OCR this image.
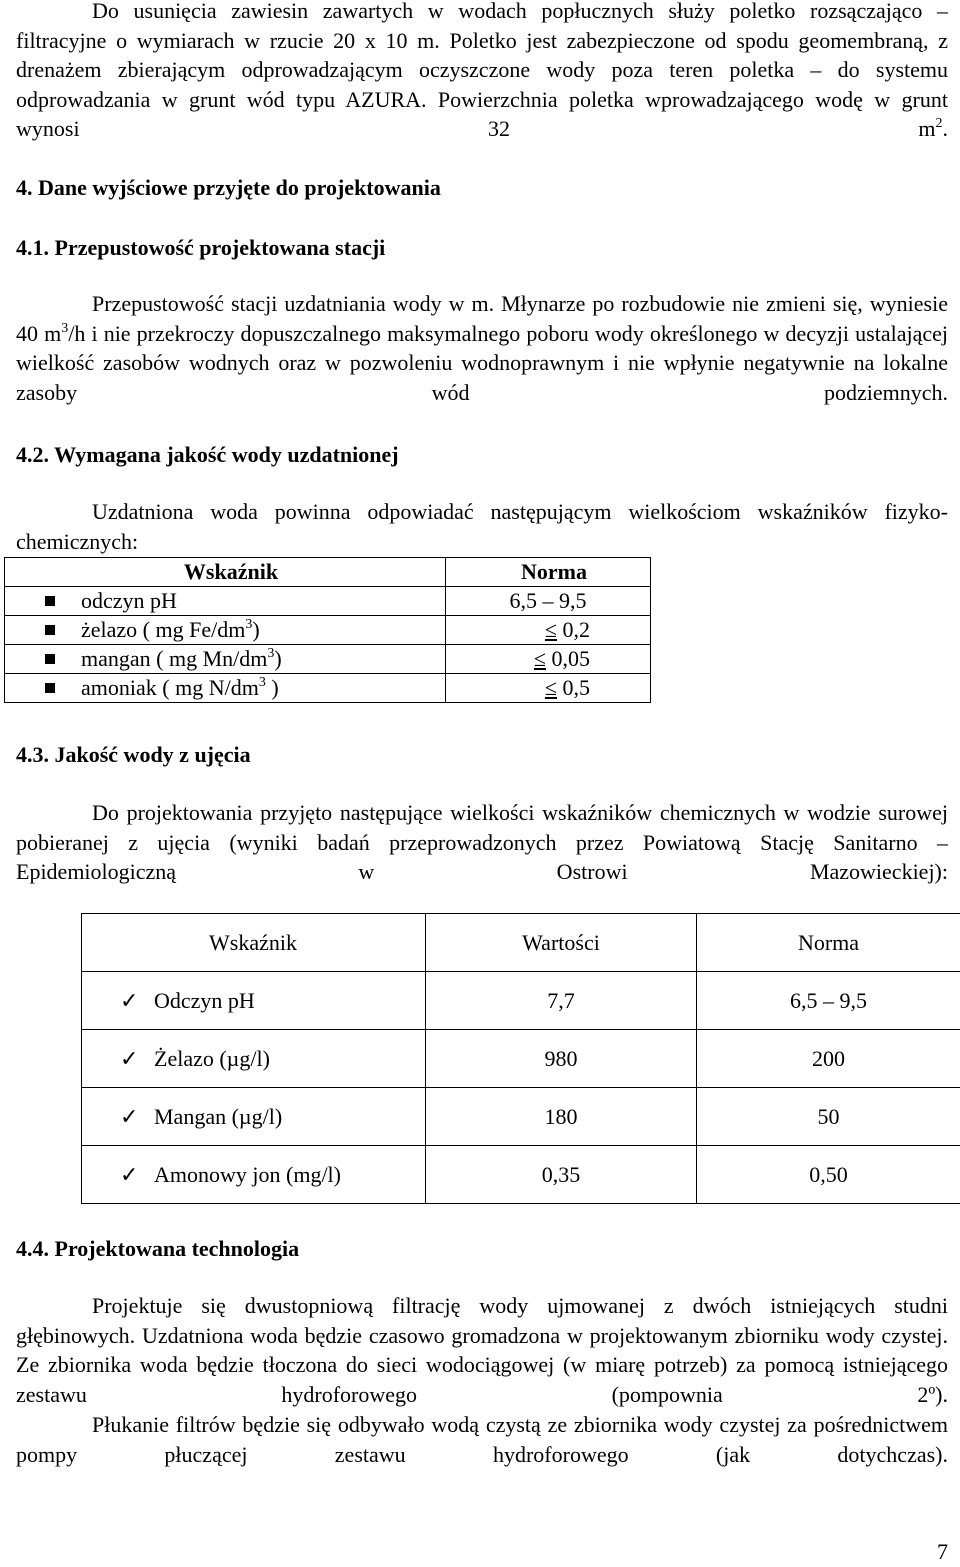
Do usunięcia zawiesin zawartych w wodach popłucznych służy poletko rozsączająco – filtracyjne o wymiarach w rzucie 20 x 10 m. Poletko jest zabezpieczone od spodu geomembraną, z drenażem zbierającym odprowadzającym oczyszczone wody poza teren poletka – do systemu odprowadzania w grunt wód typu AZURA. Powierzchnia poletka wprowadzającego wodę w grunt wynosi 32 $m^2$.
4. Dane wyjściowe przyjęte do projektowania
4.1. Przepustowość projektowana stacji
Przepustowość stacji uzdatniania wody w m. Młynarze po rozbudowie nie zmieni się, wyniesie 40 $m^3/h$ i nie przekroczy dopuszczalnego maksymalnego poboru wody określonego w decyzji ustalającej wielkość zasobów wodnych oraz w pozwoleniu wodnoprawnym i nie wpłynie negatywnie na lokalne zasoby wód podziemnych.
4.2. Wymagana jakość wody uzdatnionej
Uzdatniona woda powinna odpowiadać następującym wielkościom wskaźników fizyko-chemicznych:
Wskaźnik	Norma
odczyn pH	6,5 – 9,5
żelazo ( mg $Fe/dm^3$)	≤ 0,2
mangan ( mg $Mn/dm^3$)	≤ 0,05
amoniak ( mg $N/dm^3$ )	≤ 0,5
4.3. Jakość wody z ujęcia
Do projektowania przyjęto następujące wielkości wskaźników chemicznych w wodzie surowej pobieranej z ujęcia (wyniki badań przeprowadzonych przez Powiatową Stację Sanitarno – Epidemiologiczną w Ostrowi Mazowieckiej):
Wskaźnik	Wartości	Norma
✓ Odczyn pH	7,7	6,5 – 9,5
✓ Żelazo (µg/l)	980	200
✓ Mangan (µg/l)	180	50
✓ Amonowy jon (mg/l)	0,35	0,50
4.4. Projektowana technologia
Projektuje się dwustopniową filtrację wody ujmowanej z dwóch istniejących studni głębinowych. Uzdatniona woda będzie czasowo gromadzona w projektowanym zbiorniku wody czystej. Ze zbiornika woda będzie tłoczona do sieci wodociągowej (w miarę potrzeb) za pomocą istniejącego zestawu hydroforowego (pompownia 2º).
Płukanie filtrów będzie się odbywało wodą czystą ze zbiornika wody czystej za pośrednictwem pompy płuczącej zestawu hydroforowego (jak dotychczas).
7
